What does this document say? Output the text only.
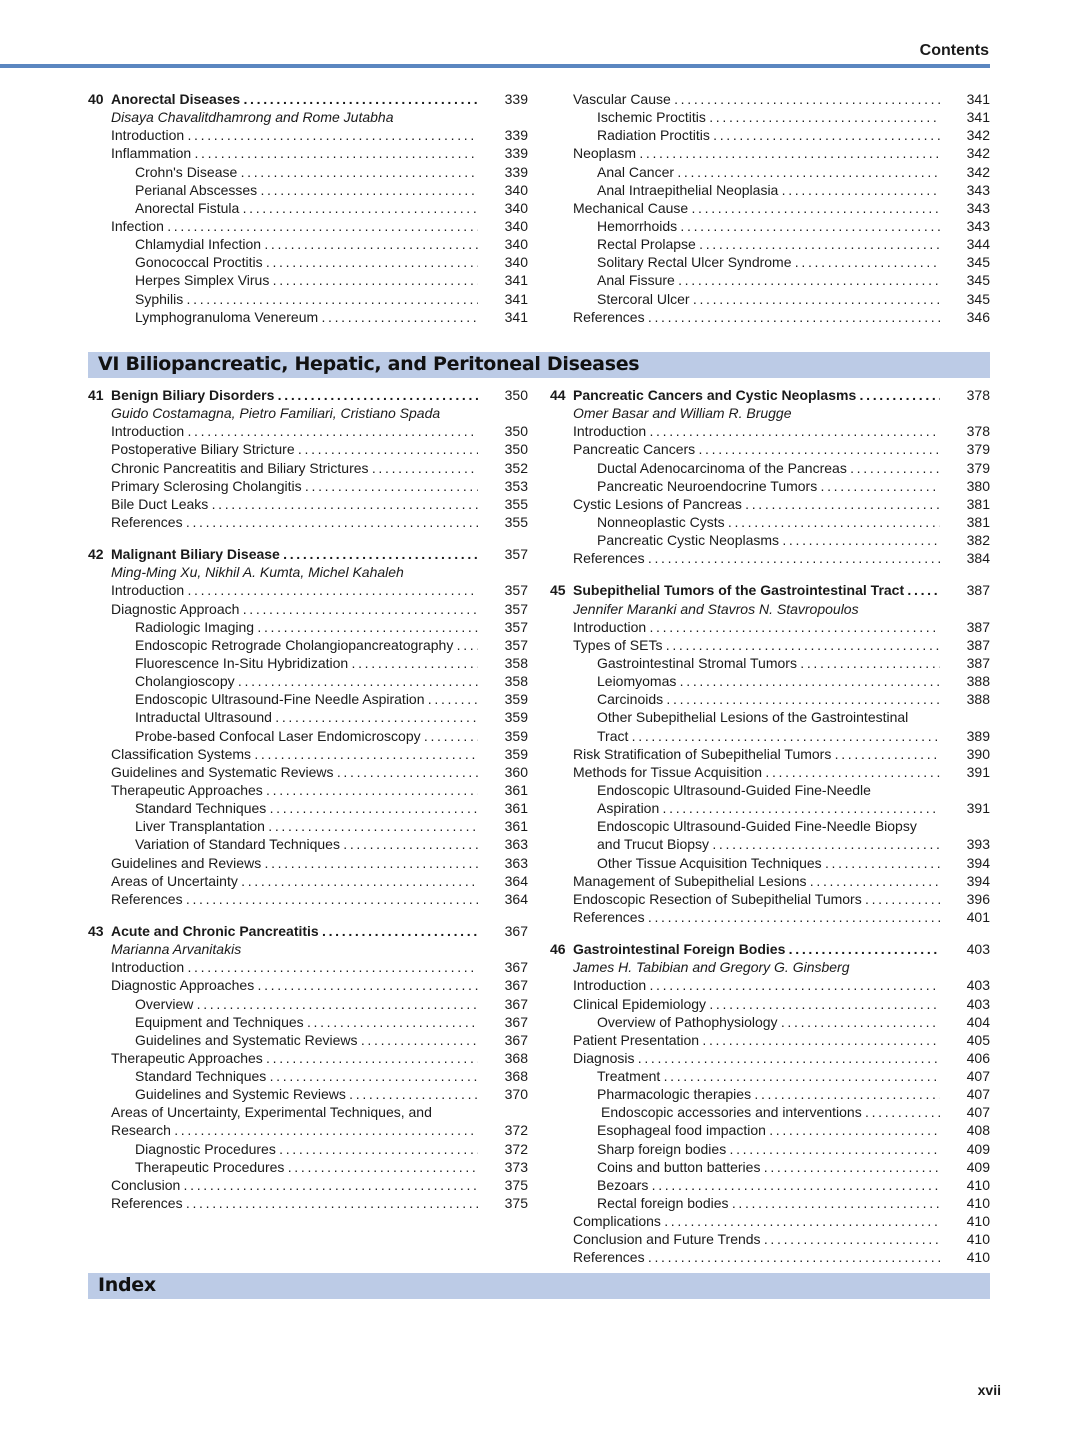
Contents
40 Anorectal Diseases . . .	339
Disaya Chavalitdhamrong and Rome Jutabha
Introduction . . .	339
Inflammation . . .	339
Crohn's Disease . . .	339
Perianal Abscesses . . .	340
Anorectal Fistula . . .	340
Infection . . .	340
Chlamydial Infection . . .	340
Gonococcal Proctitis . . .	340
Herpes Simplex Virus . . .	341
Syphilis . . .	341
Lymphogranuloma Venereum . . .	341
Vascular Cause . . .	341
Ischemic Proctitis . . .	341
Radiation Proctitis . . .	342
Neoplasm . . .	342
Anal Cancer . . .	342
Anal Intraepithelial Neoplasia . . .	343
Mechanical Cause . . .	343
Hemorrhoids . . .	343
Rectal Prolapse . . .	344
Solitary Rectal Ulcer Syndrome . . .	345
Anal Fissure . . .	345
Stercoral Ulcer . . .	345
References . . .	346
VI Biliopancreatic, Hepatic, and Peritoneal Diseases
41 Benign Biliary Disorders . . .	350
Guido Costamagna, Pietro Familiari, Cristiano Spada
Introduction . . .	350
Postoperative Biliary Stricture . . .	350
Chronic Pancreatitis and Biliary Strictures . . .	352
Primary Sclerosing Cholangitis . . .	353
Bile Duct Leaks . . .	355
References . . .	355
42 Malignant Biliary Disease . . .	357
Ming-Ming Xu, Nikhil A. Kumta, Michel Kahaleh
Introduction . . .	357
Diagnostic Approach . . .	357
Radiologic Imaging . . .	357
Endoscopic Retrograde Cholangiopancreatography . . .	357
Fluorescence In-Situ Hybridization . . .	358
Cholangioscopy . . .	358
Endoscopic Ultrasound-Fine Needle Aspiration . . .	359
Intraductal Ultrasound . . .	359
Probe-based Confocal Laser Endomicroscopy . . .	359
Classification Systems . . .	359
Guidelines and Systematic Reviews . . .	360
Therapeutic Approaches . . .	361
Standard Techniques . . .	361
Liver Transplantation . . .	361
Variation of Standard Techniques . . .	363
Guidelines and Reviews . . .	363
Areas of Uncertainty . . .	364
References . . .	364
43 Acute and Chronic Pancreatitis . . .	367
Marianna Arvanitakis
Introduction . . .	367
Diagnostic Approaches . . .	367
Overview . . .	367
Equipment and Techniques . . .	367
Guidelines and Systematic Reviews . . .	367
Therapeutic Approaches . . .	368
Standard Techniques . . .	368
Guidelines and Systemic Reviews . . .	370
Areas of Uncertainty, Experimental Techniques, and
Research . . .	372
Diagnostic Procedures . . .	372
Therapeutic Procedures . . .	373
Conclusion . . .	375
References . . .	375
44 Pancreatic Cancers and Cystic Neoplasms . . .	378
Omer Basar and William R. Brugge
Introduction . . .	378
Pancreatic Cancers . . .	379
Ductal Adenocarcinoma of the Pancreas . . .	379
Pancreatic Neuroendocrine Tumors . . .	380
Cystic Lesions of Pancreas . . .	381
Nonneoplastic Cysts . . .	381
Pancreatic Cystic Neoplasms . . .	382
References . . .	384
45 Subepithelial Tumors of the Gastrointestinal Tract . . .	387
Jennifer Maranki and Stavros N. Stavropoulos
Introduction . . .	387
Types of SETs . . .	387
Gastrointestinal Stromal Tumors . . .	387
Leiomyomas . . .	388
Carcinoids . . .	388
Other Subepithelial Lesions of the Gastrointestinal
Tract . . .	389
Risk Stratification of Subepithelial Tumors . . .	390
Methods for Tissue Acquisition . . .	391
Endoscopic Ultrasound-Guided Fine-Needle
Aspiration . . .	391
Endoscopic Ultrasound-Guided Fine-Needle Biopsy
and Trucut Biopsy . . .	393
Other Tissue Acquisition Techniques . . .	394
Management of Subepithelial Lesions . . .	394
Endoscopic Resection of Subepithelial Tumors . . .	396
References . . .	401
46 Gastrointestinal Foreign Bodies . . .	403
James H. Tabibian and Gregory G. Ginsberg
Introduction . . .	403
Clinical Epidemiology . . .	403
Overview of Pathophysiology . . .	404
Patient Presentation . . .	405
Diagnosis . . .	406
Treatment . . .	407
Pharmacologic therapies . . .	407
Endoscopic accessories and interventions . . .	407
Esophageal food impaction . . .	408
Sharp foreign bodies . . .	409
Coins and button batteries . . .	409
Bezoars . . .	410
Rectal foreign bodies . . .	410
Complications . . .	410
Conclusion and Future Trends . . .	410
References . . .	410
Index
xvii
